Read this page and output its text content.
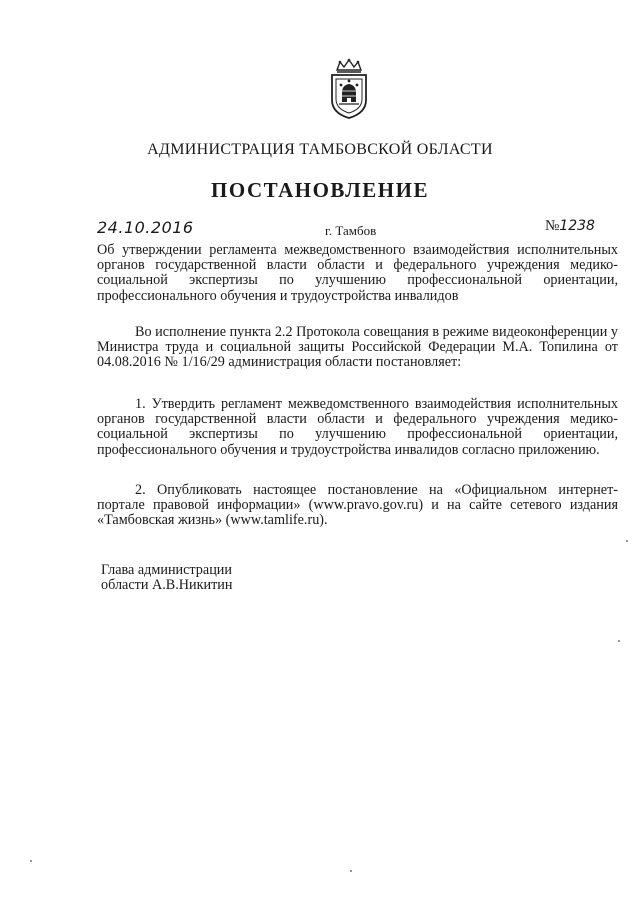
АДМИНИСТРАЦИЯ ТАМБОВСКОЙ ОБЛАСТИ
ПОСТАНОВЛЕНИЕ
24.10.2016	г. Тамбов	№1238
Об утверждении регламента межведомственного взаимодействия исполнительных органов государственной власти области и федерального учреждения медико-социальной экспертизы по улучшению профессиональной ориентации, профессионального обучения и трудоустройства инвалидов
Во исполнение пункта 2.2 Протокола совещания в режиме видеоконференции у Министра труда и социальной защиты Российской Федерации М.А. Топилина от 04.08.2016 № 1/16/29 администрация области постановляет:
1. Утвердить регламент межведомственного взаимодействия исполнительных органов государственной власти области и федерального учреждения медико-социальной экспертизы по улучшению профессиональной ориентации, профессионального обучения и трудоустройства инвалидов согласно приложению.
2. Опубликовать настоящее постановление на «Официальном интернет-портале правовой информации» (www.pravo.gov.ru) и на сайте сетевого издания «Тамбовская жизнь» (www.tamlife.ru).
Глава администрации
области А.В.Никитин
